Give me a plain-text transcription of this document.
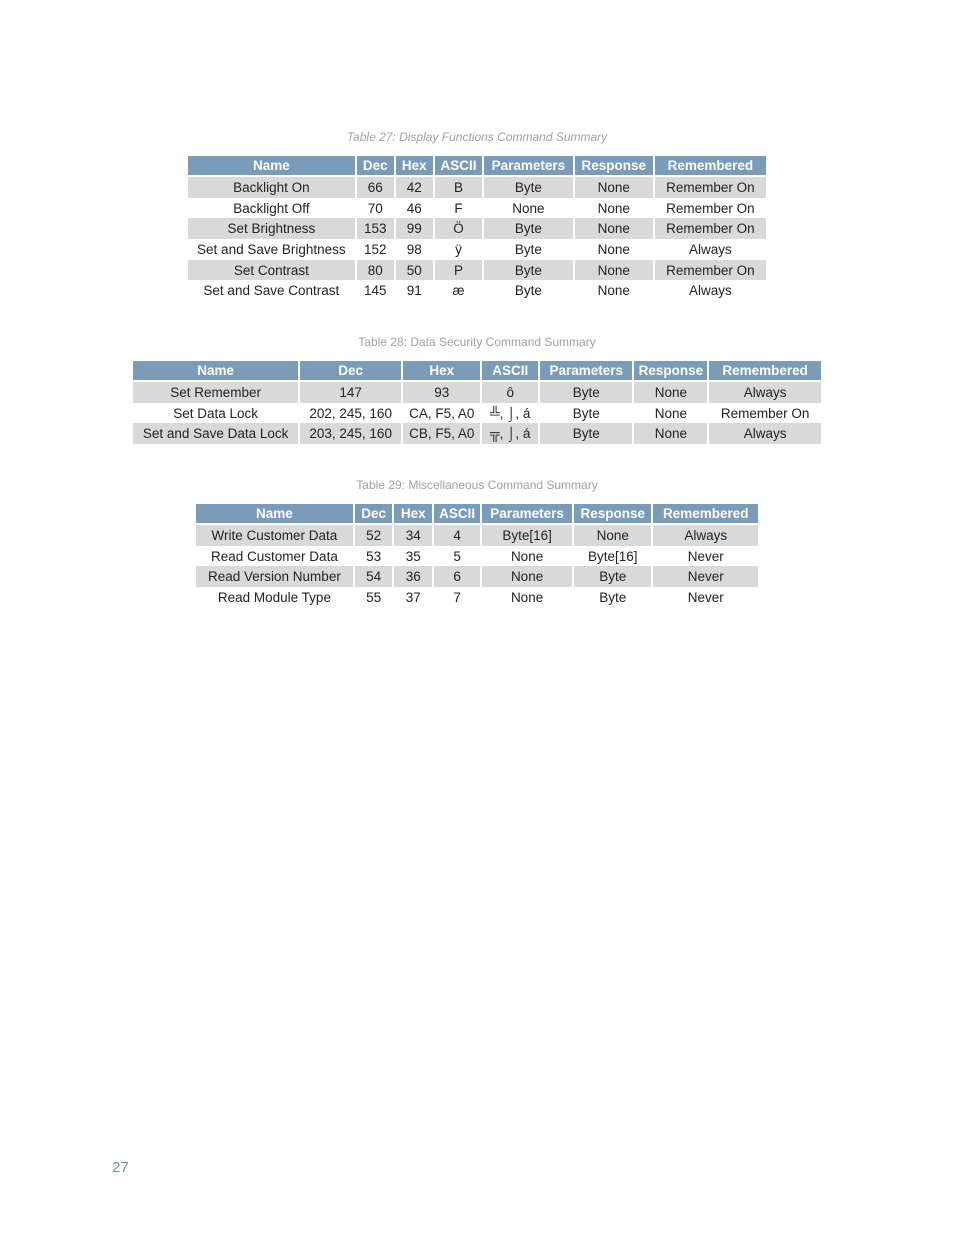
Table 27: Display Functions Command Summary
Name	Dec	Hex	ASCII	Parameters	Response	Remembered
Backlight On	66	42	B	Byte	None	Remember On
Backlight Off	70	46	F	None	None	Remember On
Set Brightness	153	99	Ö	Byte	None	Remember On
Set and Save Brightness	152	98	ÿ	Byte	None	Always
Set Contrast	80	50	P	Byte	None	Remember On
Set and Save Contrast	145	91	æ	Byte	None	Always
Table 28: Data Security Command Summary
Name	Dec	Hex	ASCII	Parameters	Response	Remembered
Set Remember	147	93	ô	Byte	None	Always
Set Data Lock	202, 245, 160	CA, F5, A0	╩, ⌡, á	Byte	None	Remember On
Set and Save Data Lock	203, 245, 160	CB, F5, A0	╦, ⌡, á	Byte	None	Always
Table 29: Miscellaneous Command Summary
Name	Dec	Hex	ASCII	Parameters	Response	Remembered
Write Customer Data	52	34	4	Byte[16]	None	Always
Read Customer Data	53	35	5	None	Byte[16]	Never
Read Version Number	54	36	6	None	Byte	Never
Read Module Type	55	37	7	None	Byte	Never
27
